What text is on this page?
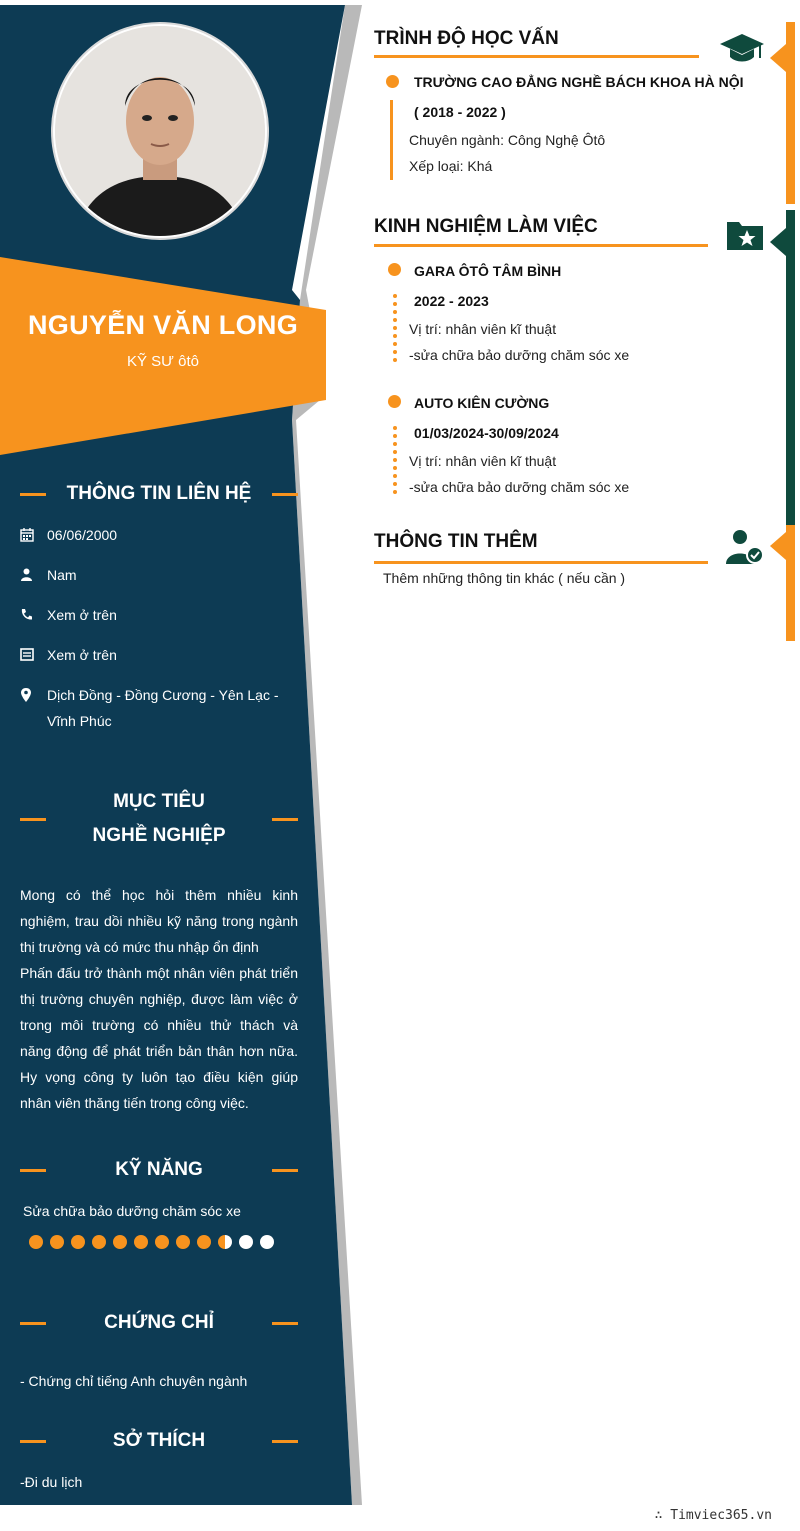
NGUYỄN VĂN LONG
KỸ SƯ ôtô
THÔNG TIN LIÊN HỆ
06/06/2000
Nam
Xem ở trên
Xem ở trên
Dịch Đồng - Đồng Cương - Yên Lạc - Vĩnh Phúc
MỤC TIÊU NGHỀ NGHIỆP

Mong có thể học hỏi thêm nhiều kinh nghiệm, trau dồi nhiều kỹ năng trong ngành thị trường và có mức thu nhập ổn định

Phấn đấu trở thành một nhân viên phát triển thị trường chuyên nghiệp, được làm việc ở trong môi trường có nhiều thử thách và năng động để phát triển bản thân hơn nữa. Hy vọng công ty luôn tạo điều kiện giúp nhân viên thăng tiến trong công việc.

KỸ NĂNG
Sửa chữa bảo dưỡng chăm sóc xe
CHỨNG CHỈ
- Chứng chỉ tiếng Anh chuyên ngành
SỞ THÍCH
-Đi du lịch
TRÌNH ĐỘ HỌC VẤN
TRƯỜNG CAO ĐẲNG NGHỀ BÁCH KHOA HÀ NỘI
( 2018 - 2022 )
Chuyên ngành: Công Nghệ Ôtô
Xếp loại: Khá
KINH NGHIỆM LÀM VIỆC
GARA ÔTÔ TÂM BÌNH
2022 - 2023
Vị trí: nhân viên kĩ thuật
-sửa chữa bảo dưỡng chăm sóc xe
AUTO KIÊN CƯỜNG
01/03/2024-30/09/2024
Vị trí: nhân viên kĩ thuật
-sửa chữa bảo dưỡng chăm sóc xe
THÔNG TIN THÊM
Thêm những thông tin khác ( nếu cần )
∴ Timviec365.vn
